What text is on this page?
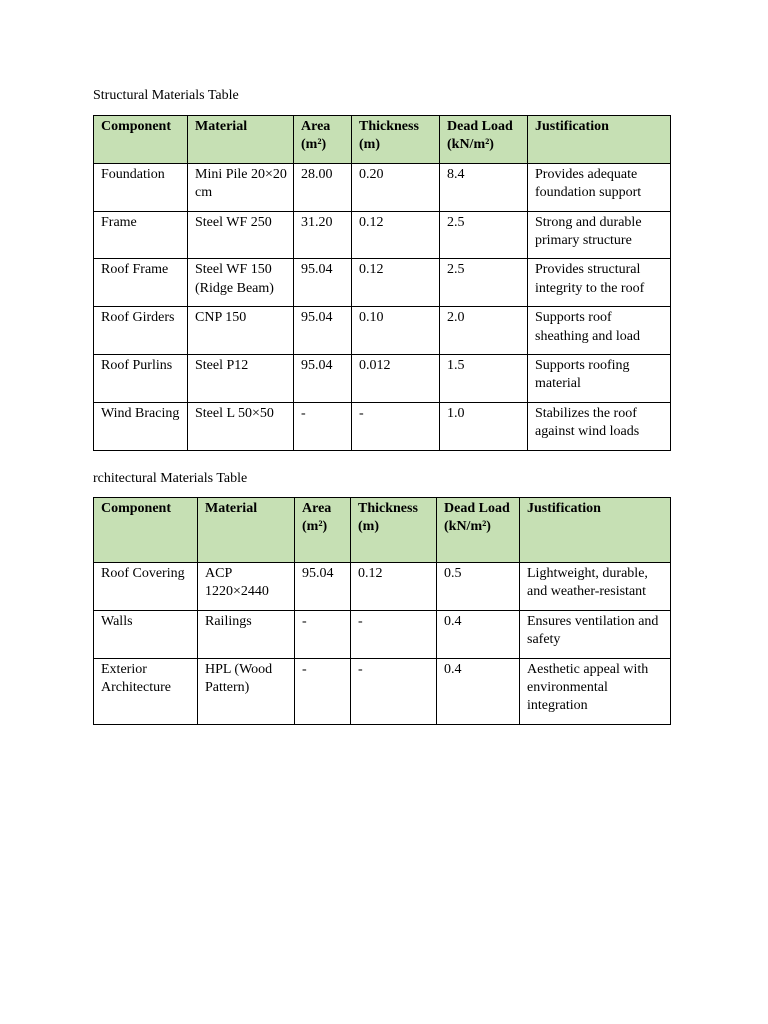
Structural Materials Table
Component	Material	Area (m²)	Thickness (m)	Dead Load (kN/m²)	Justification
Foundation	Mini Pile 20×20 cm	28.00	0.20	8.4	Provides adequate foundation support
Frame	Steel WF 250	31.20	0.12	2.5	Strong and durable primary structure
Roof Frame	Steel WF 150 (Ridge Beam)	95.04	0.12	2.5	Provides structural integrity to the roof
Roof Girders	CNP 150	95.04	0.10	2.0	Supports roof sheathing and load
Roof Purlins	Steel P12	95.04	0.012	1.5	Supports roofing material
Wind Bracing	Steel L 50×50	-	-	1.0	Stabilizes the roof against wind loads
rchitectural Materials Table
Component	Material	Area (m²)	Thickness (m)	Dead Load (kN/m²)	Justification
Roof Covering	ACP 1220×2440	95.04	0.12	0.5	Lightweight, durable, and weather-resistant
Walls	Railings	-	-	0.4	Ensures ventilation and safety
Exterior Architecture	HPL (Wood Pattern)	-	-	0.4	Aesthetic appeal with environmental integration
